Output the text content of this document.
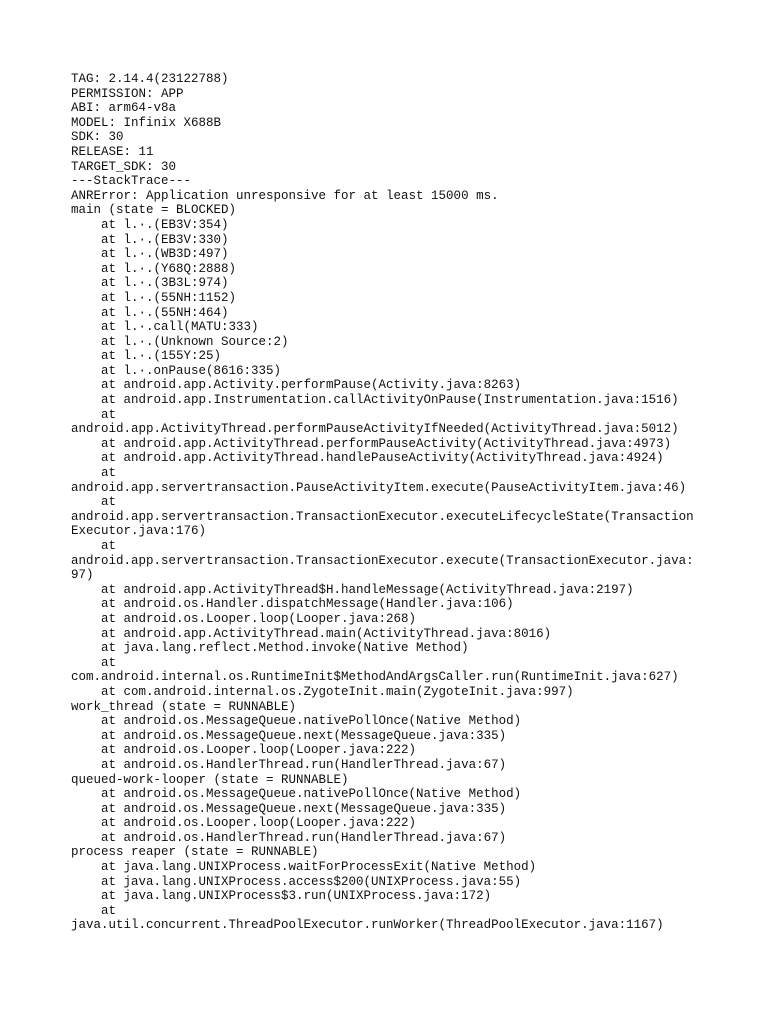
TAG: 2.14.4(23122788)
PERMISSION: APP
ABI: arm64-v8a
MODEL: Infinix X688B
SDK: 30
RELEASE: 11
TARGET_SDK: 30
---StackTrace---
ANRError: Application unresponsive for at least 15000 ms.
main (state = BLOCKED)
at l.·.(EB3V:354)
at l.·.(EB3V:330)
at l.·.(WB3D:497)
at l.·.(Y68Q:2888)
at l.·.(3B3L:974)
at l.·.(55NH:1152)
at l.·.(55NH:464)
at l.·.call(MATU:333)
at l.·.(Unknown Source:2)
at l.·.(155Y:25)
at l.·.onPause(8616:335)
at android.app.Activity.performPause(Activity.java:8263)
at android.app.Instrumentation.callActivityOnPause(Instrumentation.java:1516)
at
android.app.ActivityThread.performPauseActivityIfNeeded(ActivityThread.java:5012)
at android.app.ActivityThread.performPauseActivity(ActivityThread.java:4973)
at android.app.ActivityThread.handlePauseActivity(ActivityThread.java:4924)
at
android.app.servertransaction.PauseActivityItem.execute(PauseActivityItem.java:46)
at
android.app.servertransaction.TransactionExecutor.executeLifecycleState(Transaction
Executor.java:176)
at
android.app.servertransaction.TransactionExecutor.execute(TransactionExecutor.java:
97)
at android.app.ActivityThread$H.handleMessage(ActivityThread.java:2197)
at android.os.Handler.dispatchMessage(Handler.java:106)
at android.os.Looper.loop(Looper.java:268)
at android.app.ActivityThread.main(ActivityThread.java:8016)
at java.lang.reflect.Method.invoke(Native Method)
at
com.android.internal.os.RuntimeInit$MethodAndArgsCaller.run(RuntimeInit.java:627)
at com.android.internal.os.ZygoteInit.main(ZygoteInit.java:997)
work_thread (state = RUNNABLE)
at android.os.MessageQueue.nativePollOnce(Native Method)
at android.os.MessageQueue.next(MessageQueue.java:335)
at android.os.Looper.loop(Looper.java:222)
at android.os.HandlerThread.run(HandlerThread.java:67)
queued-work-looper (state = RUNNABLE)
at android.os.MessageQueue.nativePollOnce(Native Method)
at android.os.MessageQueue.next(MessageQueue.java:335)
at android.os.Looper.loop(Looper.java:222)
at android.os.HandlerThread.run(HandlerThread.java:67)
process reaper (state = RUNNABLE)
at java.lang.UNIXProcess.waitForProcessExit(Native Method)
at java.lang.UNIXProcess.access$200(UNIXProcess.java:55)
at java.lang.UNIXProcess$3.run(UNIXProcess.java:172)
at
java.util.concurrent.ThreadPoolExecutor.runWorker(ThreadPoolExecutor.java:1167)
